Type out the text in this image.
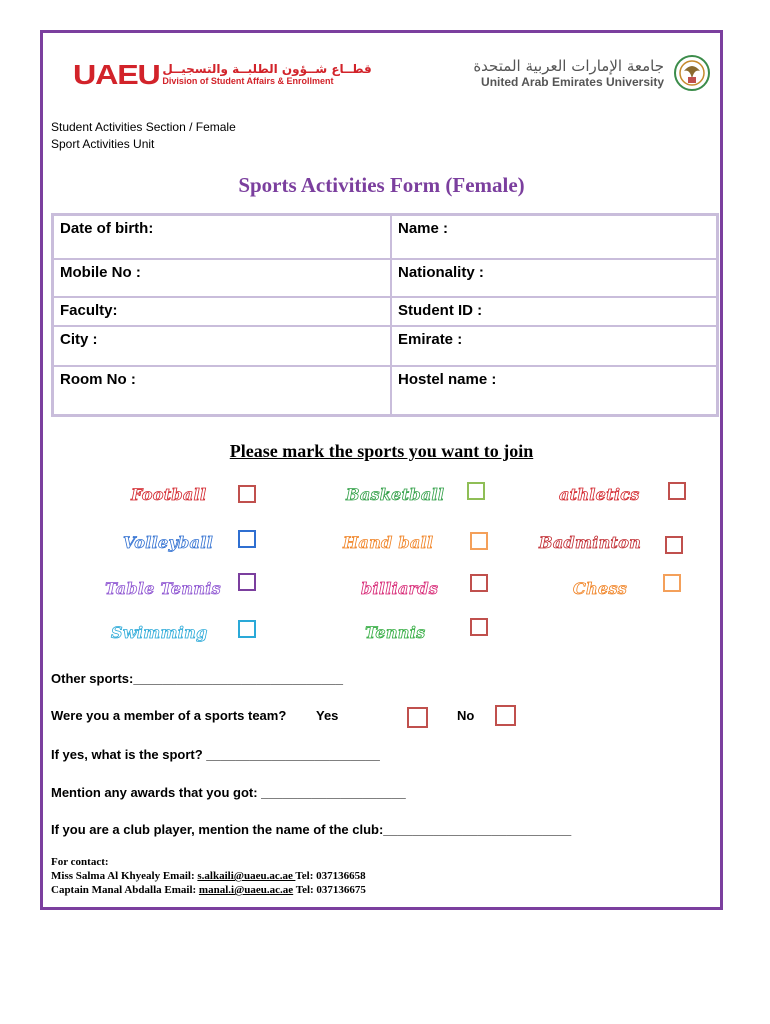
UAEU قطــاع شــؤون الطلبــة والتسجيــل
Division of Student Affairs & Enrollment
جامعة الإمارات العربية المتحدة
United Arab Emirates University
Student Activities Section / Female
Sport Activities Unit
Sports Activities Form (Female)
Date of birth:	Name :
Mobile No :	Nationality :
Faculty:	Student ID :
City :	Emirate :
Room No :	Hostel name :
Please mark the sports you want to join
Football	Basketball	athletics
Volleyball	Hand ball	Badminton
Table Tennis	billiards	Chess
Swimming	Tennis
Other sports:_____________________________
Were you a member of a sports team? Yes	No
If yes, what is the sport? ________________________
Mention any awards that you got: ____________________
If you are a club player, mention the name of the club:__________________________
For contact:
Miss Salma Al Khyealy Email: s.alkaili@uaeu.ac.ae Tel: 037136658
Captain Manal Abdalla Email: manal.i@uaeu.ac.ae Tel: 037136675
